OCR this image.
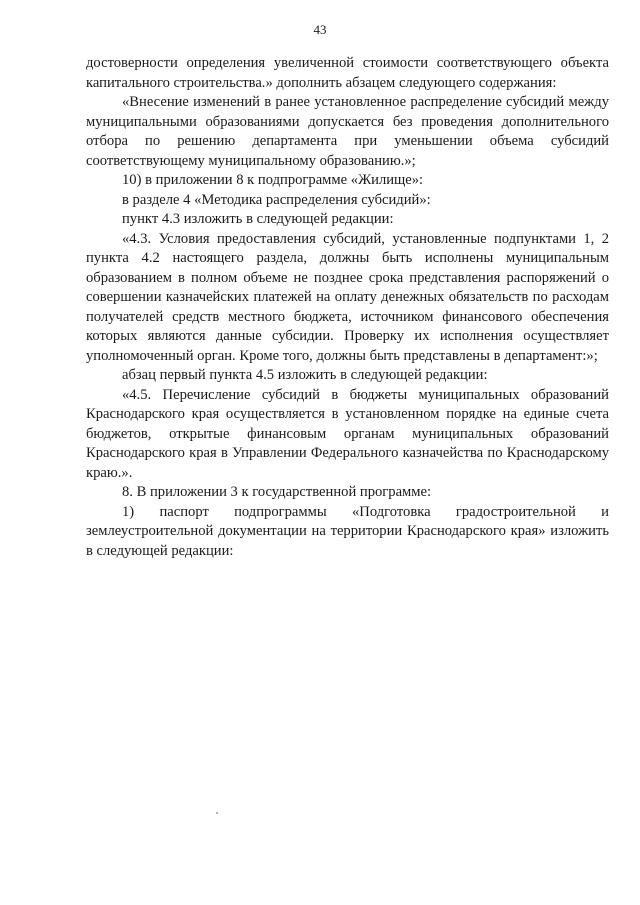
43

достоверности определения увеличенной стоимости соответствующего объекта капитального строительства.» дополнить абзацем следующего содержания:

«Внесение изменений в ранее установленное распределение субсидий между муниципальными образованиями допускается без проведения дополнительного отбора по решению департамента при уменьшении объема субсидий соответствующему муниципальному образованию.»;

10) в приложении 8 к подпрограмме «Жилище»:

в разделе 4 «Методика распределения субсидий»:

пункт 4.3 изложить в следующей редакции:

«4.3. Условия предоставления субсидий, установленные подпунктами 1, 2 пункта 4.2 настоящего раздела, должны быть исполнены муниципальным образованием в полном объеме не позднее срока представления распоряжений о совершении казначейских платежей на оплату денежных обязательств по расходам получателей средств местного бюджета, источником финансового обеспечения которых являются данные субсидии. Проверку их исполнения осуществляет уполномоченный орган. Кроме того, должны быть представлены в департамент:»;

абзац первый пункта 4.5 изложить в следующей редакции:

«4.5. Перечисление субсидий в бюджеты муниципальных образований Краснодарского края осуществляется в установленном порядке на единые счета бюджетов, открытые финансовым органам муниципальных образований Краснодарского края в Управлении Федерального казначейства по Краснодарскому краю.».

8. В приложении 3 к государственной программе:

1) паспорт подпрограммы «Подготовка градостроительной и землеустроительной документации на территории Краснодарского края» изложить в следующей редакции:
